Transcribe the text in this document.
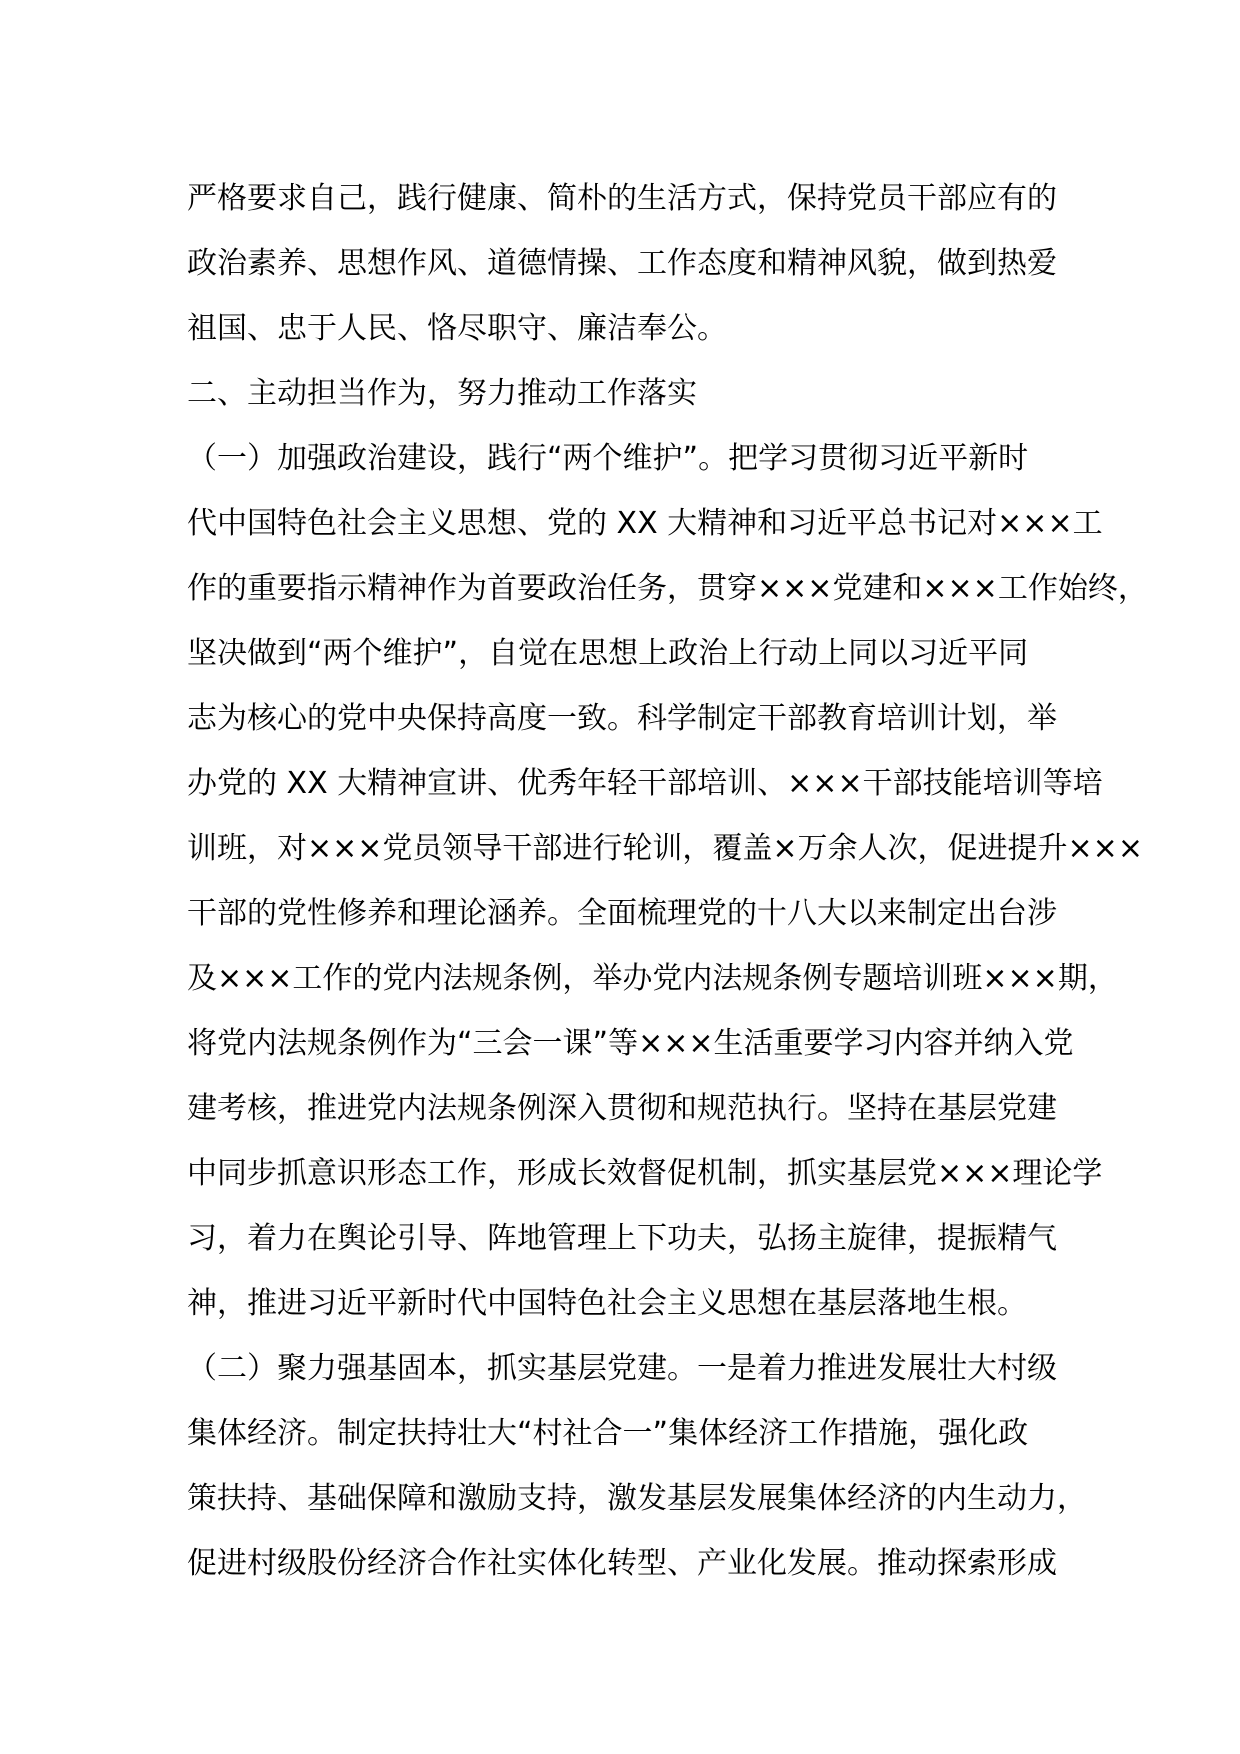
严格要求自己，践行健康、简朴的生活方式，保持党员干部应有的
政治素养、思想作风、道德情操、工作态度和精神风貌，做到热爱
祖国、忠于人民、恪尽职守、廉洁奉公。
二、主动担当作为，努力推动工作落实
（一）加强政治建设，践行“两个维护”。把学习贯彻习近平新时
代中国特色社会主义思想、党的 XX 大精神和习近平总书记对×××工
作的重要指示精神作为首要政治任务，贯穿×××党建和×××工作始终，
坚决做到“两个维护”，自觉在思想上政治上行动上同以习近平同
志为核心的党中央保持高度一致。科学制定干部教育培训计划，举
办党的 XX 大精神宣讲、优秀年轻干部培训、×××干部技能培训等培
训班，对×××党员领导干部进行轮训，覆盖×万余人次，促进提升×××
干部的党性修养和理论涵养。全面梳理党的十八大以来制定出台涉
及×××工作的党内法规条例，举办党内法规条例专题培训班×××期，
将党内法规条例作为“三会一课”等×××生活重要学习内容并纳入党
建考核，推进党内法规条例深入贯彻和规范执行。坚持在基层党建
中同步抓意识形态工作，形成长效督促机制，抓实基层党×××理论学
习，着力在舆论引导、阵地管理上下功夫，弘扬主旋律，提振精气
神，推进习近平新时代中国特色社会主义思想在基层落地生根。
（二）聚力强基固本，抓实基层党建。一是着力推进发展壮大村级
集体经济。制定扶持壮大“村社合一”集体经济工作措施，强化政
策扶持、基础保障和激励支持，激发基层发展集体经济的内生动力，
促进村级股份经济合作社实体化转型、产业化发展。推动探索形成
